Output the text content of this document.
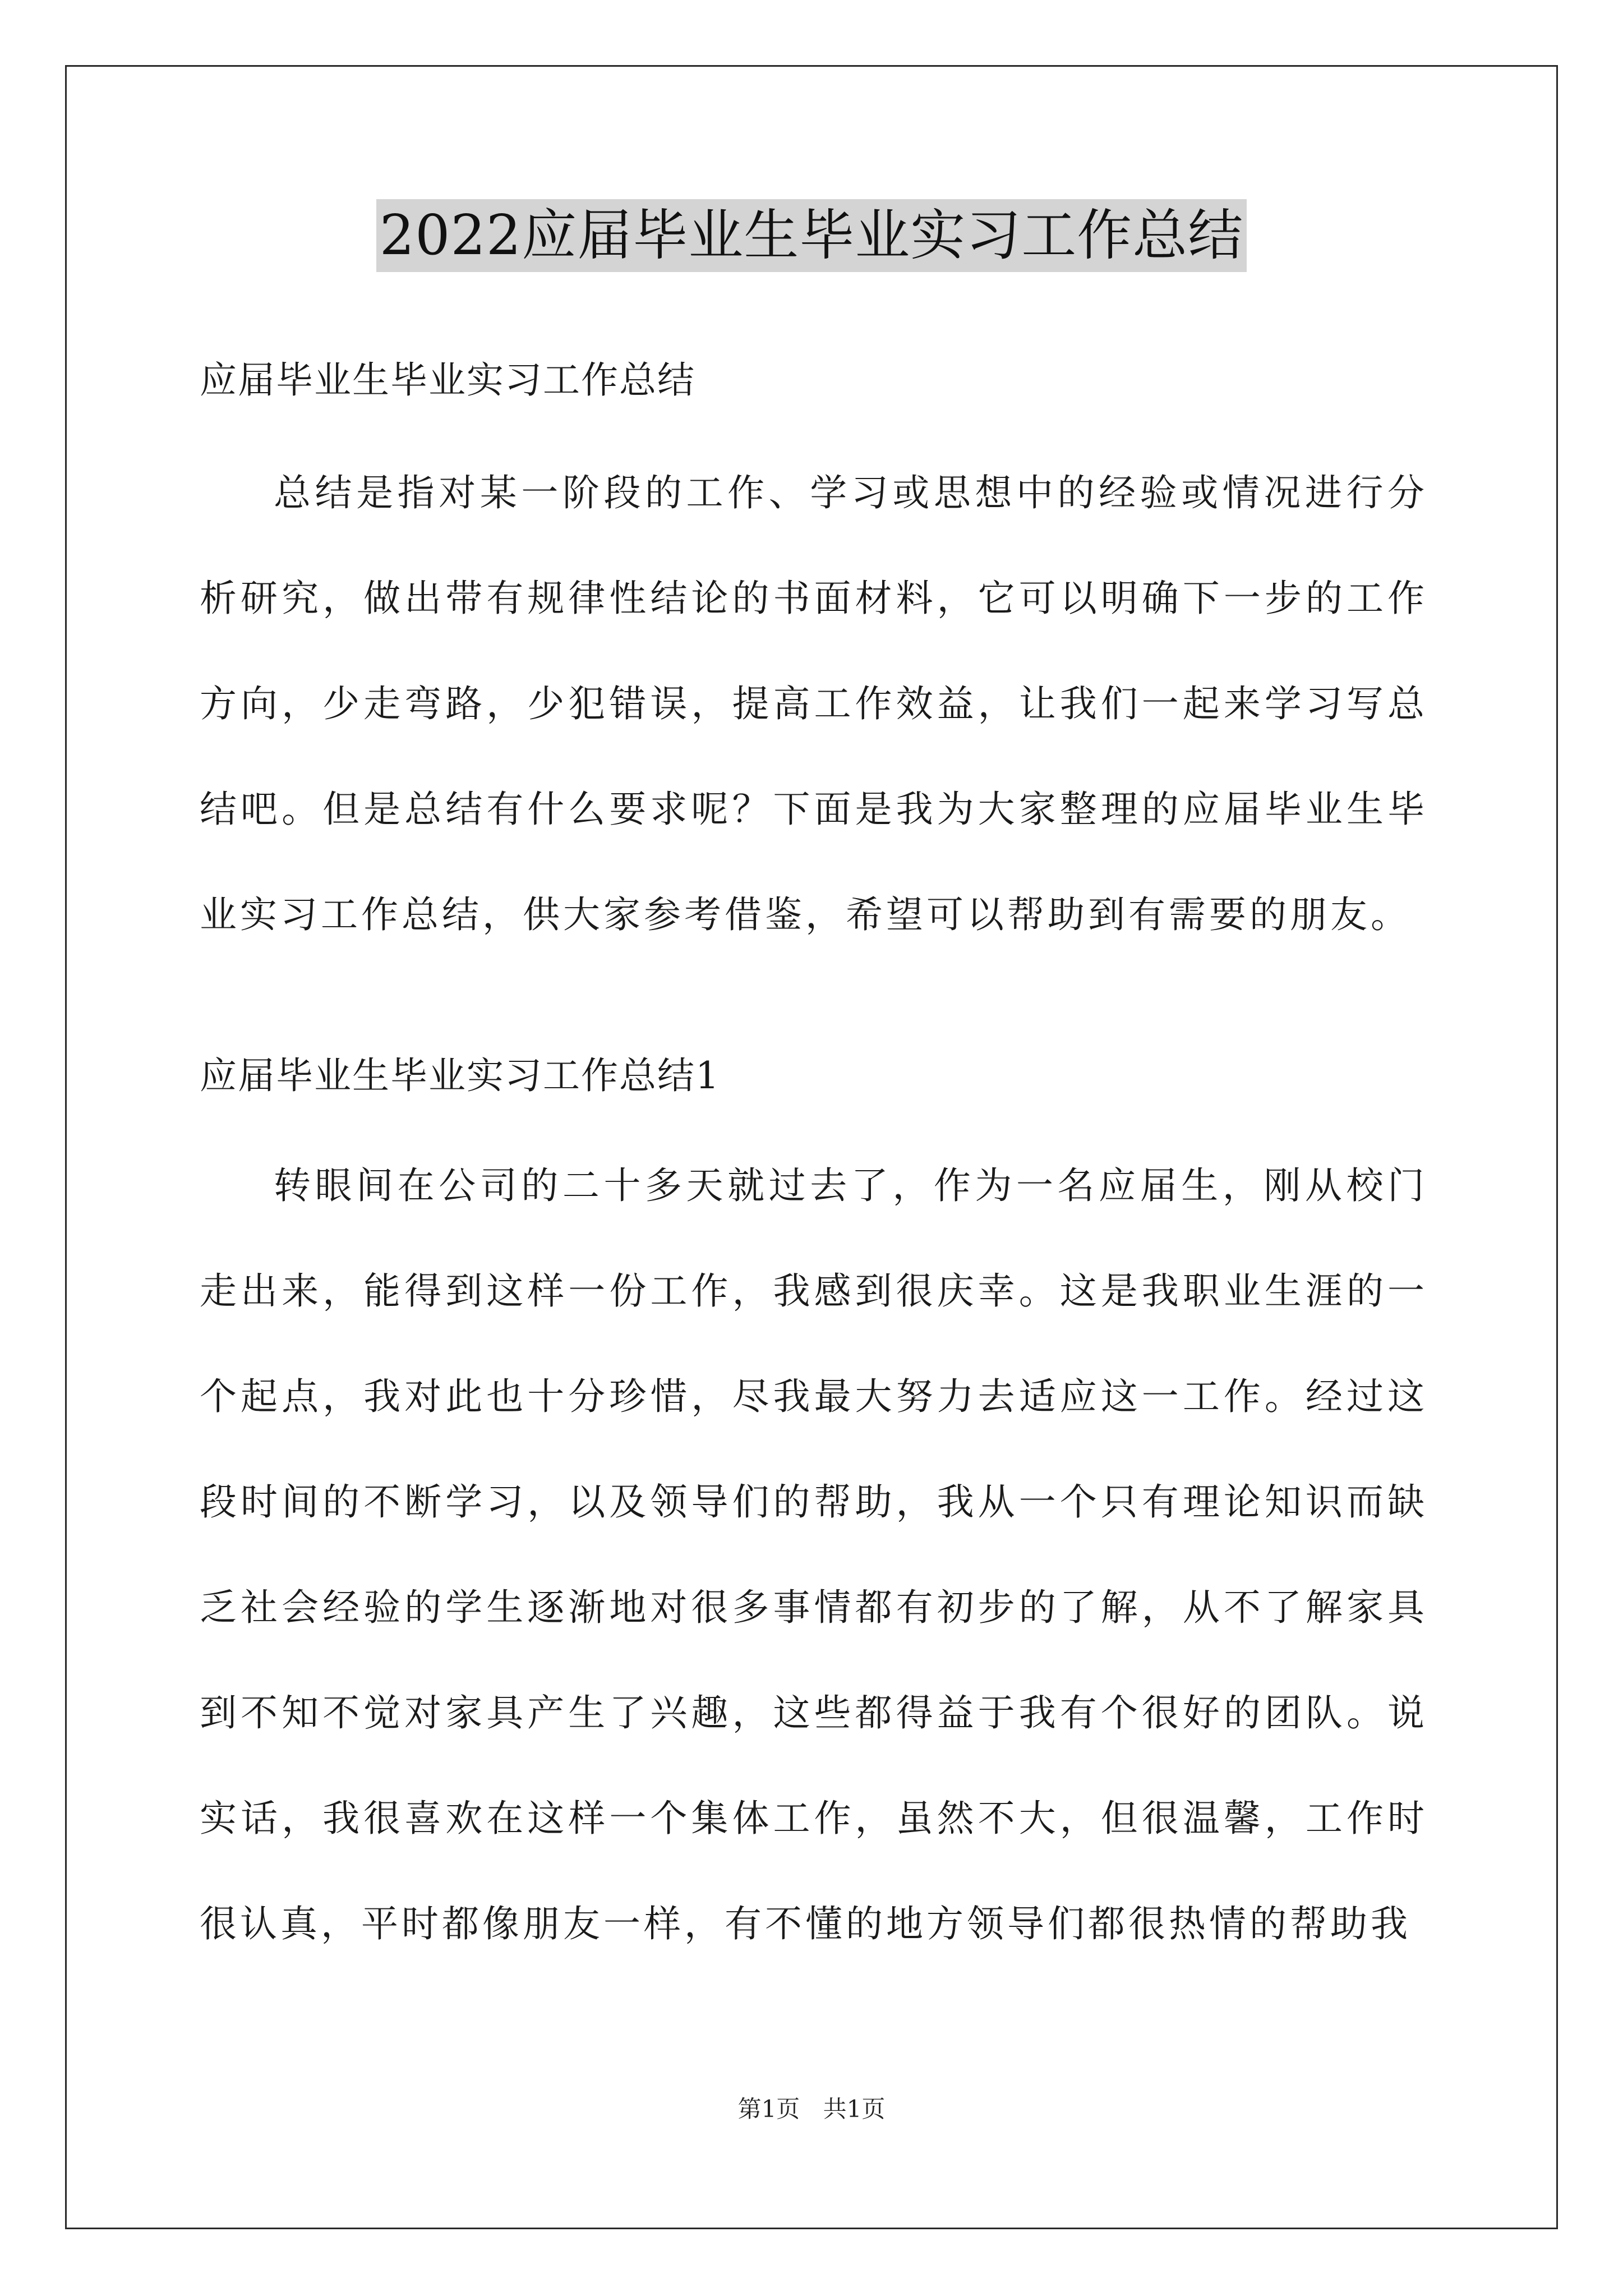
2022应届毕业生毕业实习工作总结
应届毕业生毕业实习工作总结

总结是指对某一阶段的工作、学习或思想中的经验或情况进行分析研究，做出带有规律性结论的书面材料，它可以明确下一步的工作方向，少走弯路，少犯错误，提高工作效益，让我们一起来学习写总结吧。但是总结有什么要求呢？下面是我为大家整理的应届毕业生毕业实习工作总结，供大家参考借鉴，希望可以帮助到有需要的朋友。

应届毕业生毕业实习工作总结1

转眼间在公司的二十多天就过去了，作为一名应届生，刚从校门走出来，能得到这样一份工作，我感到很庆幸。这是我职业生涯的一个起点，我对此也十分珍惜，尽我最大努力去适应这一工作。经过这段时间的不断学习，以及领导们的帮助，我从一个只有理论知识而缺乏社会经验的学生逐渐地对很多事情都有初步的了解，从不了解家具到不知不觉对家具产生了兴趣，这些都得益于我有个很好的团队。说实话，我很喜欢在这样一个集体工作，虽然不大，但很温馨，工作时很认真，平时都像朋友一样，有不懂的地方领导们都很热情的帮助我

第1页 共1页
